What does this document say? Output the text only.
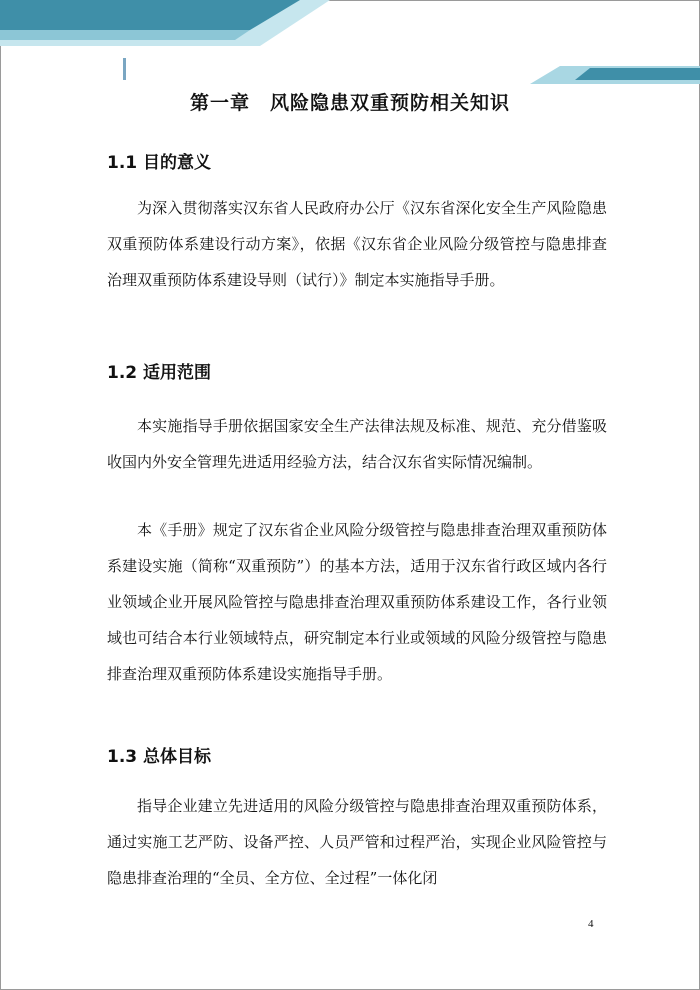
第一章　风险隐患双重预防相关知识
1.1 目的意义

为深入贯彻落实汉东省人民政府办公厅《汉东省深化安全生产风险隐患双重预防体系建设行动方案》，依据《汉东省企业风险分级管控与隐患排查治理双重预防体系建设导则（试行）》制定本实施指导手册。

1.2 适用范围

本实施指导手册依据国家安全生产法律法规及标准、规范、充分借鉴吸收国内外安全管理先进适用经验方法，结合汉东省实际情况编制。

本《手册》规定了汉东省企业风险分级管控与隐患排查治理双重预防体系建设实施（简称“双重预防”）的基本方法，适用于汉东省行政区域内各行业领域企业开展风险管控与隐患排查治理双重预防体系建设工作，各行业领域也可结合本行业领域特点，研究制定本行业或领域的风险分级管控与隐患排查治理双重预防体系建设实施指导手册。

1.3 总体目标

指导企业建立先进适用的风险分级管控与隐患排查治理双重预防体系，通过实施工艺严防、设备严控、人员严管和过程严治，实现企业风险管控与隐患排查治理的“全员、全方位、全过程”一体化闭

4
